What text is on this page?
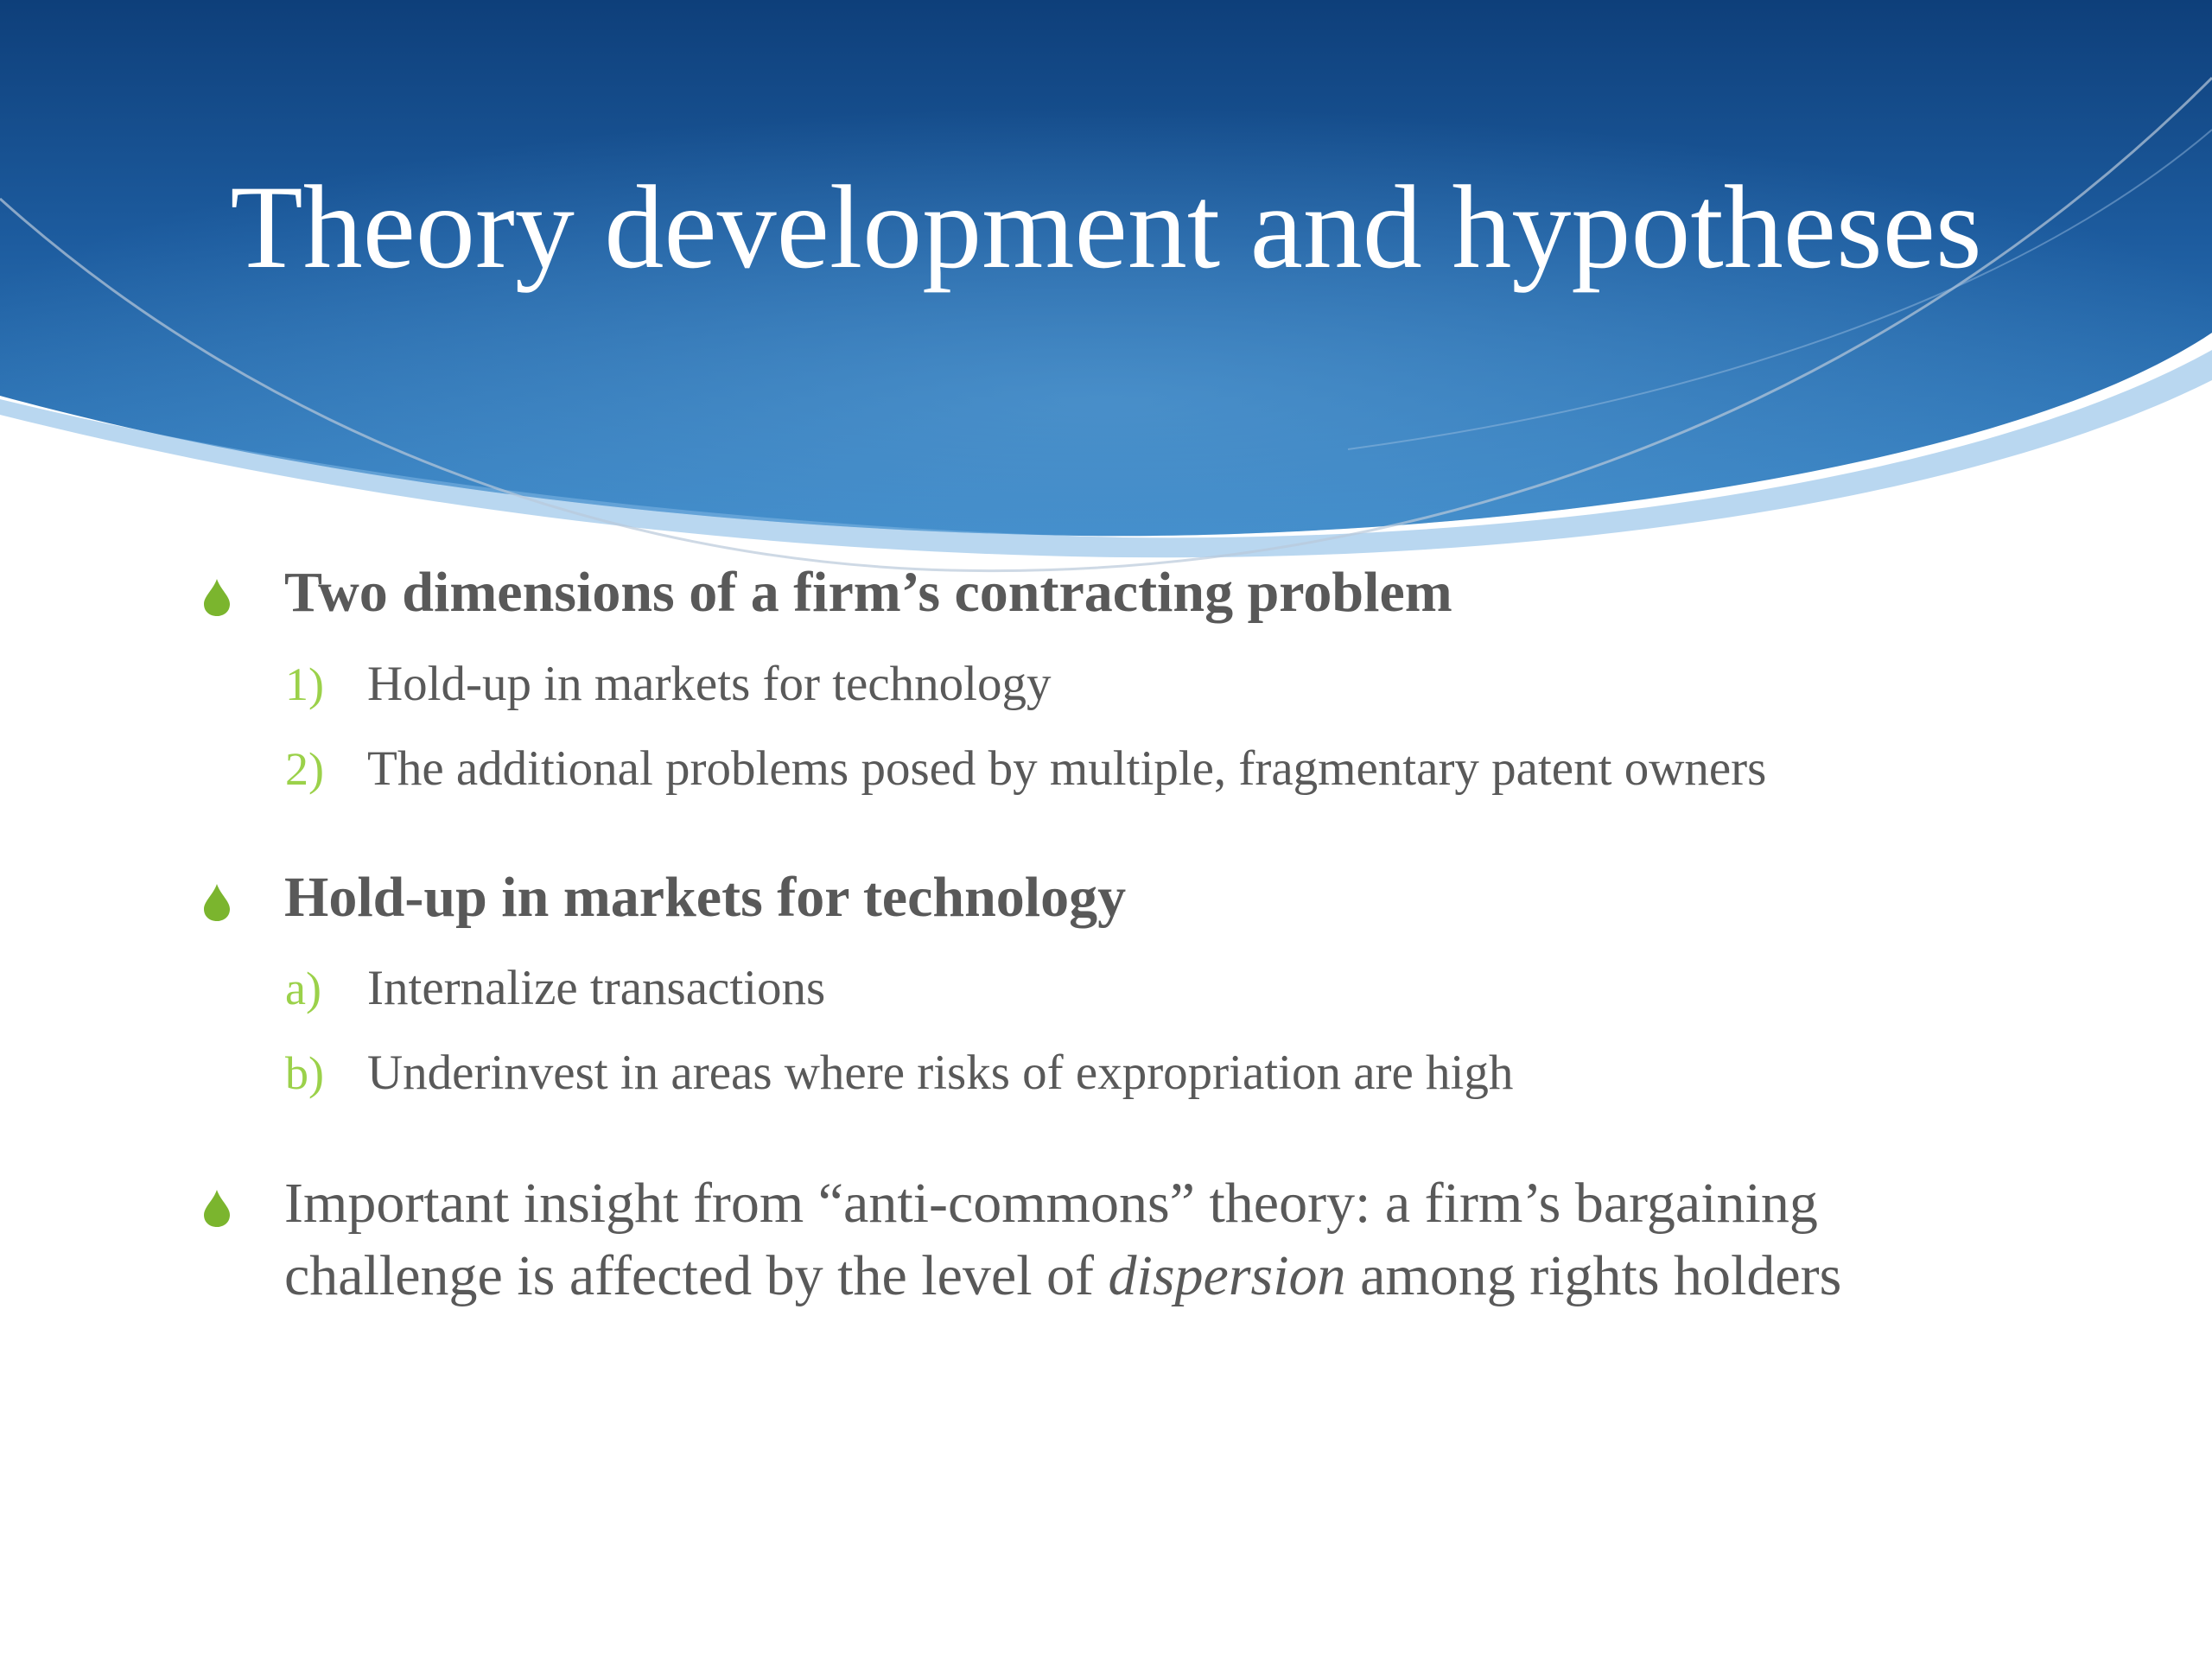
Theory development and hypotheses
Two dimensions of a firm’s contracting problem
1) Hold-up in markets for technology
2) The additional problems posed by multiple, fragmentary patent owners
Hold-up in markets for technology
a) Internalize transactions
b) Underinvest in areas where risks of expropriation are high
Important insight from “anti-commons” theory: a firm’s bargaining
challenge is affected by the level of dispersion among rights holders
